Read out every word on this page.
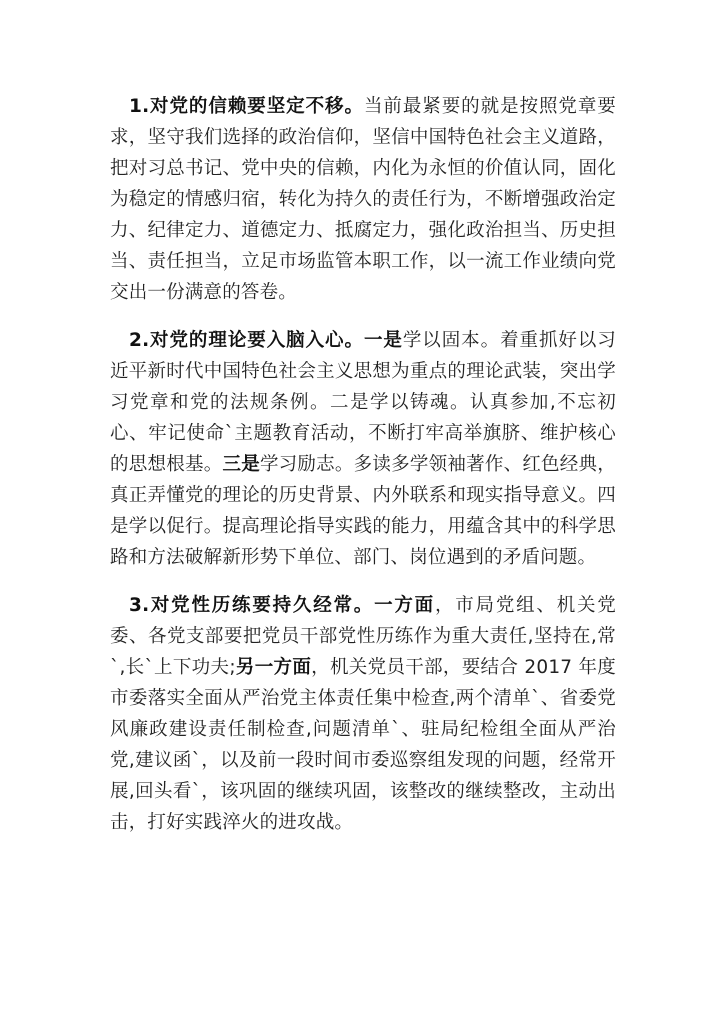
1.对党的信赖要坚定不移。当前最紧要的就是按照党章要求，坚守我们选择的政治信仰，坚信中国特色社会主义道路，把对习总书记、党中央的信赖，内化为永恒的价值认同，固化为稳定的情感归宿，转化为持久的责任行为，不断增强政治定力、纪律定力、道德定力、抵腐定力，强化政治担当、历史担当、责任担当，立足市场监管本职工作，以一流工作业绩向党交出一份满意的答卷。

2.对党的理论要入脑入心。一是学以固本。着重抓好以习近平新时代中国特色社会主义思想为重点的理论武装，突出学习党章和党的法规条例。二是学以铸魂。认真参加,不忘初心、牢记使命`主题教育活动，不断打牢高举旗脐、维护核心的思想根基。三是学习励志。多读多学领袖著作、红色经典，真正弄懂党的理论的历史背景、内外联系和现实指导意义。四是学以促行。提高理论指导实践的能力，用蕴含其中的科学思路和方法破解新形势下单位、部门、岗位遇到的矛盾问题。

3.对党性历练要持久经常。一方面，市局党组、机关党委、各党支部要把党员干部党性历练作为重大责任,坚持在,常`,长`上下功夫;另一方面，机关党员干部，要结合 2017 年度市委落实全面从严治党主体责任集中检查,两个清单`、省委党风廉政建设责任制检查,问题清单`、驻局纪检组全面从严治党,建议函`，以及前一段时间市委巡察组发现的问题，经常开展,回头看`，该巩固的继续巩固，该整改的继续整改，主动出击，打好实践淬火的进攻战。
